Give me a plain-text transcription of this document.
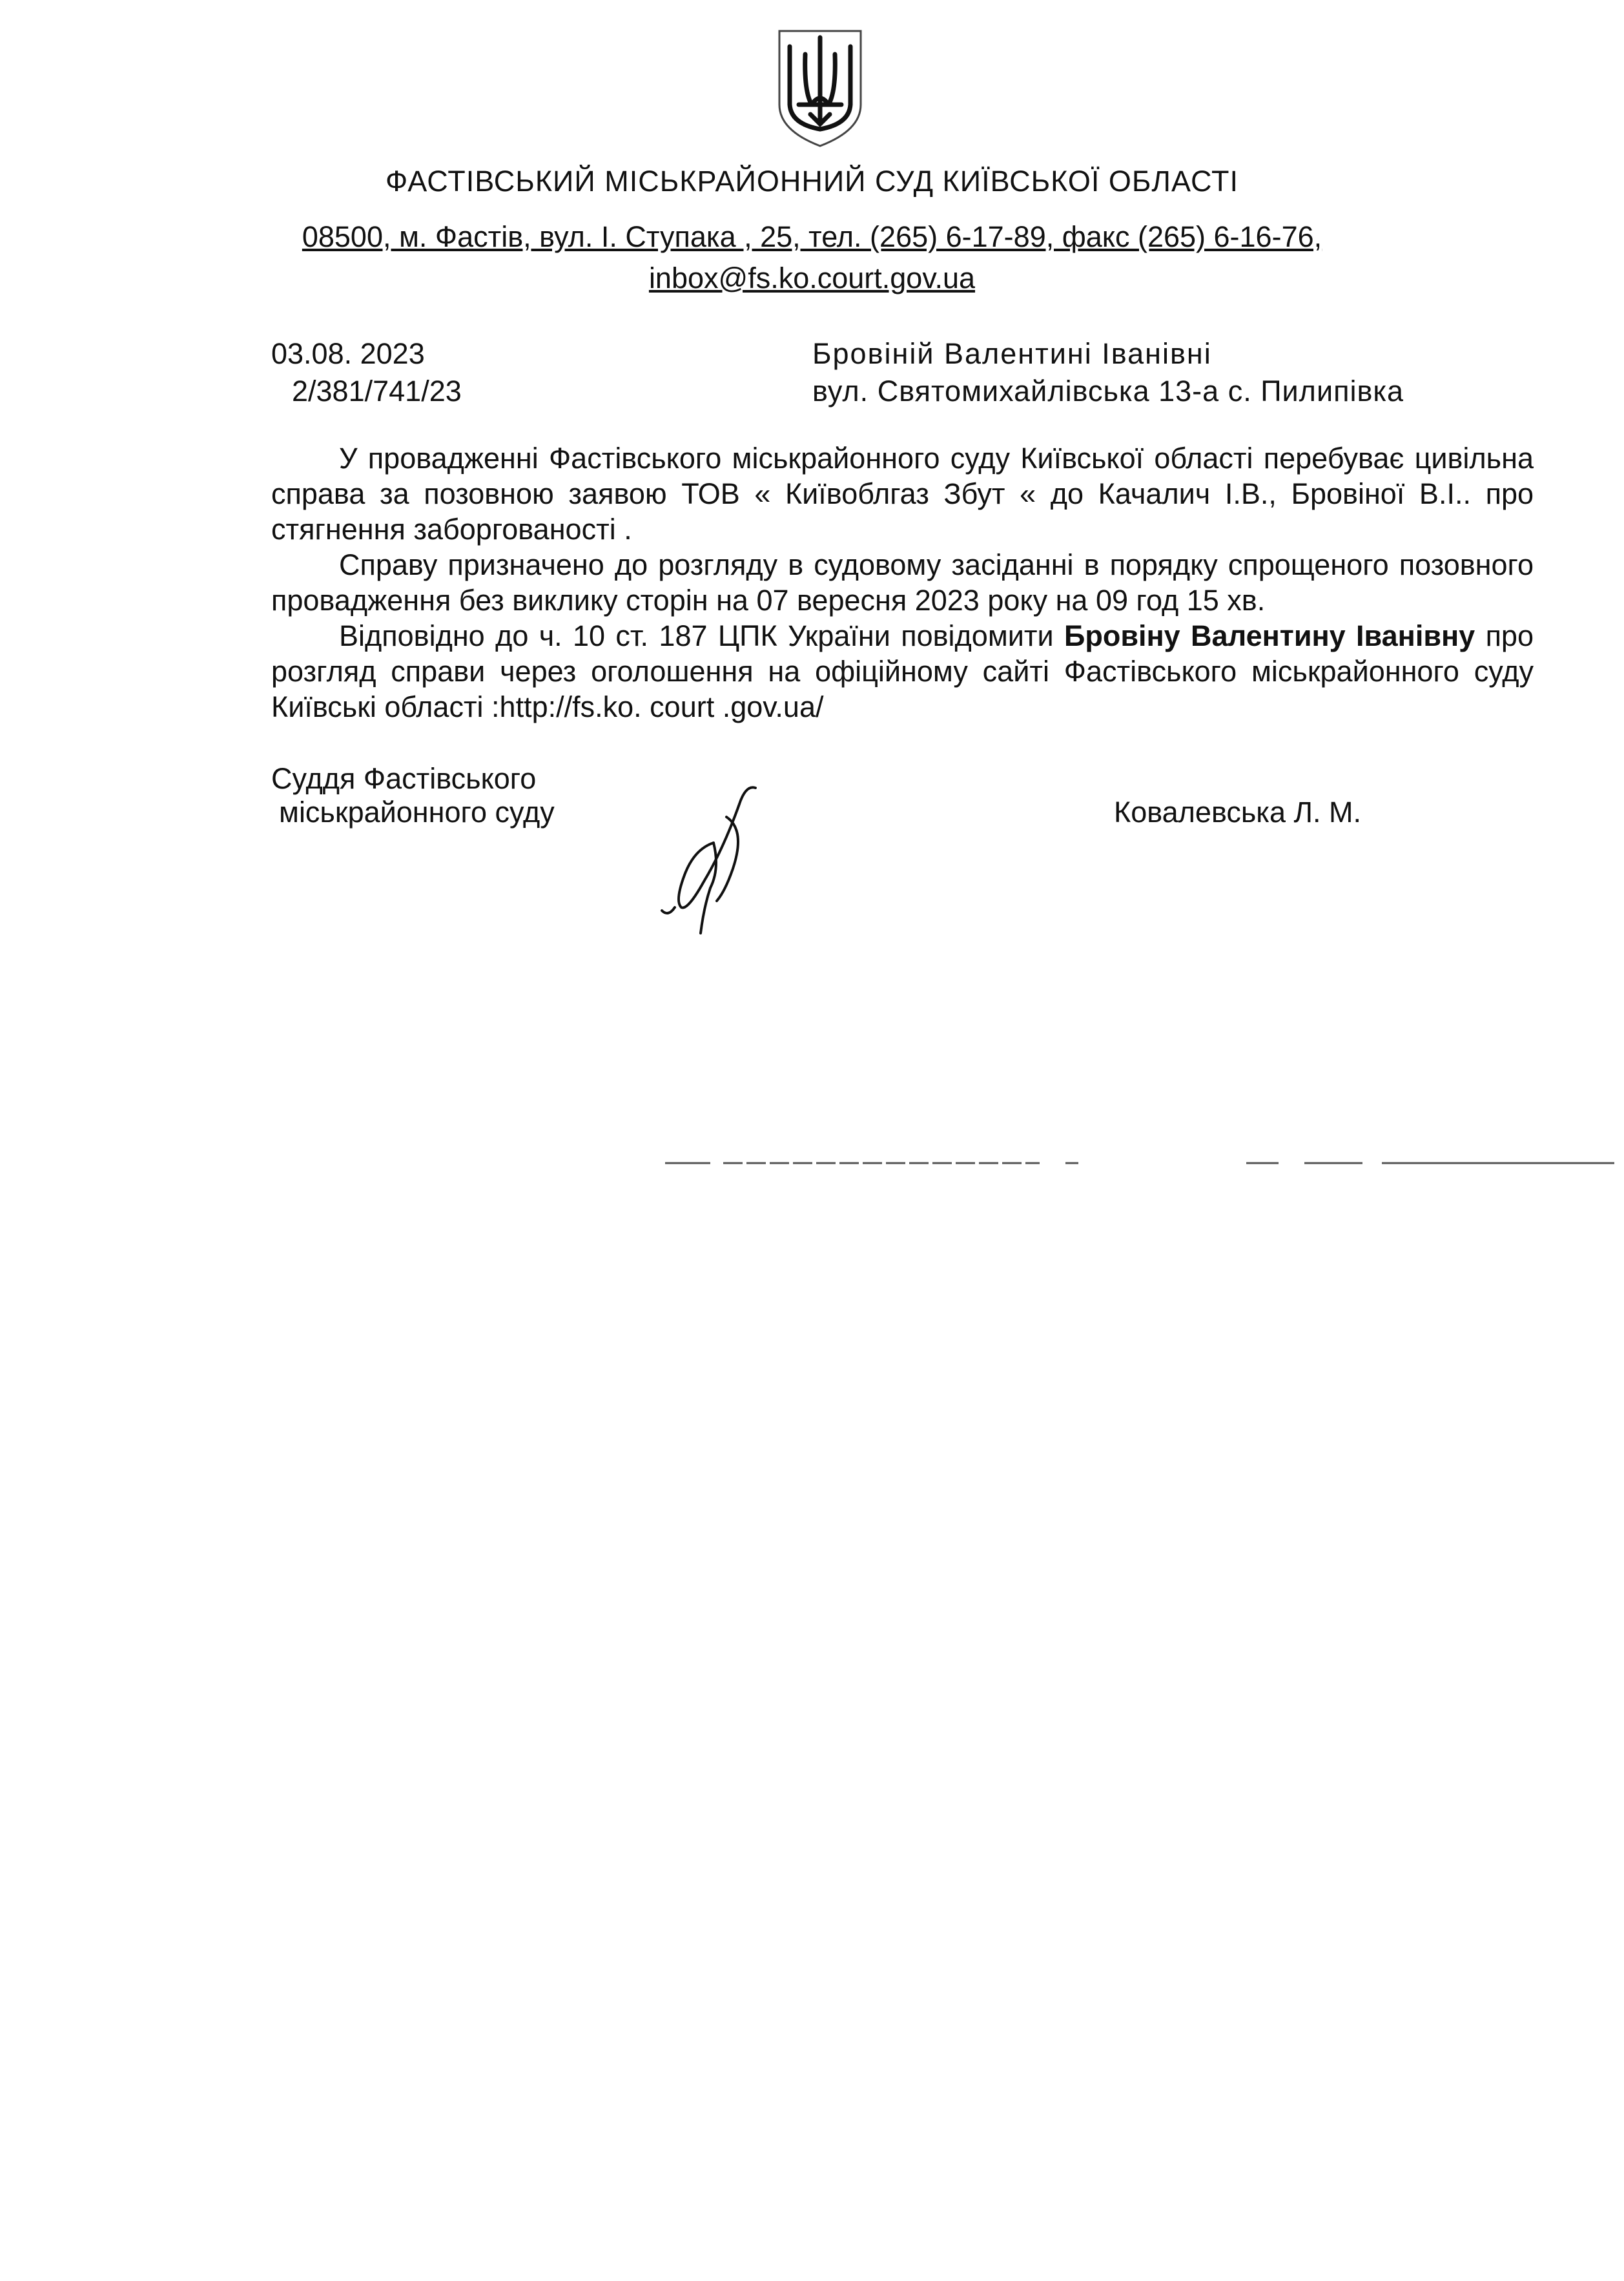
ФАСТІВСЬКИЙ МІСЬКРАЙОННИЙ СУД КИЇВСЬКОЇ ОБЛАСТІ
08500, м. Фастів, вул. І. Ступака , 25, тел. (265) 6-17-89, факс (265) 6-16-76,
inbox@fs.ko.court.gov.ua
03.08. 2023
2/381/741/23
Бровіній Валентині Іванівні
вул. Святомихайлівська 13-а с. Пилипівка

У провадженні Фастівського міськрайонного суду Київської області перебуває цивільна справа за позовною заявою ТОВ « Київоблгаз Збут « до Качалич І.В., Бровіної В.І.. про стягнення заборгованості .

Справу призначено до розгляду в судовому засіданні в порядку спрощеного позовного провадження без виклику сторін на 07 вересня 2023 року на 09 год 15 хв.

Відповідно до ч. 10 ст. 187 ЦПК України повідомити Бровіну Валентину Іванівну про розгляд справи через оголошення на офіційному сайті Фастівського міськрайонного суду Київські області :http://fs.ko. court .gov.ua/

Суддя Фастівського
міськрайонного суду	Ковалевська Л. М.
